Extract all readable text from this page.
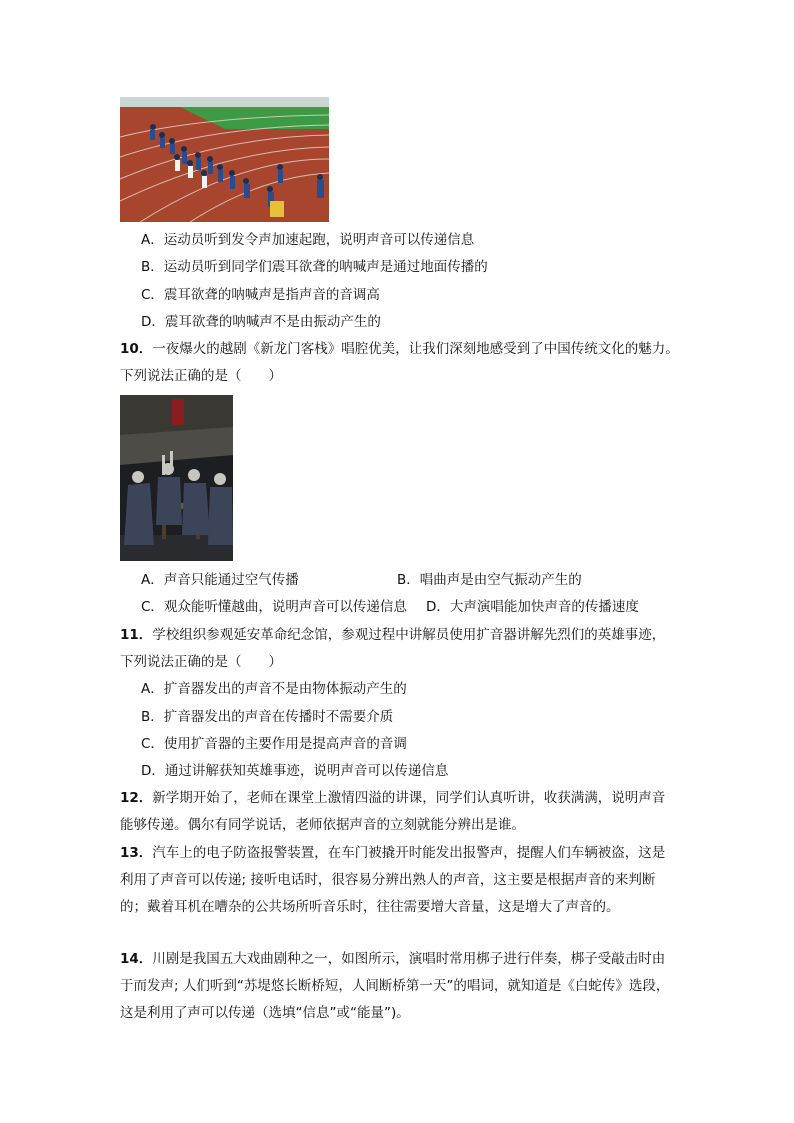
A．运动员听到发令声加速起跑，说明声音可以传递信息
B．运动员听到同学们震耳欲聋的呐喊声是通过地面传播的
C．震耳欲聋的呐喊声是指声音的音调高
D．震耳欲聋的呐喊声不是由振动产生的
10．一夜爆火的越剧《新龙门客栈》唱腔优美，让我们深刻地感受到了中国传统文化的魅力。
下列说法正确的是（　　）
A．声音只能通过空气传播	B．唱曲声是由空气振动产生的
C．观众能听懂越曲，说明声音可以传递信息 D．大声演唱能加快声音的传播速度
11．学校组织参观延安革命纪念馆，参观过程中讲解员使用扩音器讲解先烈们的英雄事迹，
下列说法正确的是（　　）
A．扩音器发出的声音不是由物体振动产生的
B．扩音器发出的声音在传播时不需要介质
C．使用扩音器的主要作用是提高声音的音调
D．通过讲解获知英雄事迹，说明声音可以传递信息
12．新学期开始了，老师在课堂上激情四溢的讲课，同学们认真听讲，收获满满，说明声音
能够传递。偶尔有同学说话，老师依据声音的立刻就能分辨出是谁。
13．汽车上的电子防盗报警装置，在车门被撬开时能发出报警声，提醒人们车辆被盗，这是
利用了声音可以传递; 接听电话时，很容易分辨出熟人的声音，这主要是根据声音的来判断
的；戴着耳机在嘈杂的公共场所听音乐时，往往需要增大音量，这是增大了声音的。
14．川剧是我国五大戏曲剧种之一，如图所示，演唱时常用梆子进行伴奏，梆子受敲击时由
于而发声; 人们听到“苏堤悠长断桥短，人间断桥第一天”的唱词，就知道是《白蛇传》选段，
这是利用了声可以传递（选填“信息”或“能量”)。
